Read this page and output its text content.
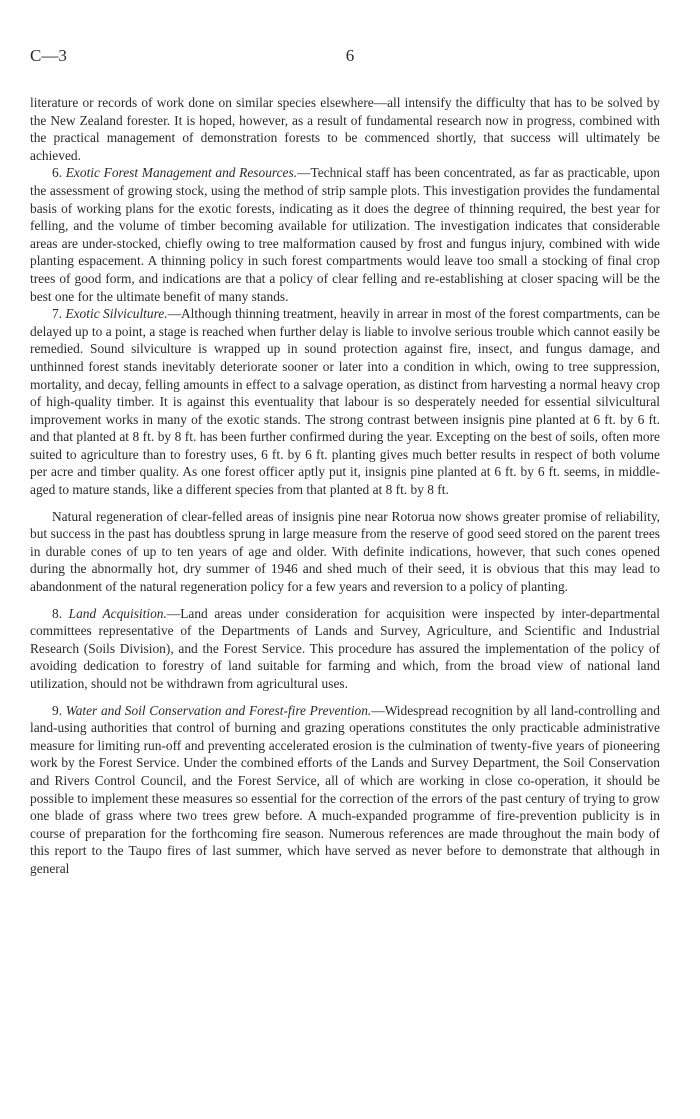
C—3	6

literature or records of work done on similar species elsewhere—all intensify the difficulty that has to be solved by the New Zealand forester. It is hoped, however, as a result of fundamental research now in progress, combined with the practical management of demonstration forests to be commenced shortly, that success will ultimately be achieved.

6. Exotic Forest Management and Resources.—Technical staff has been concentrated, as far as practicable, upon the assessment of growing stock, using the method of strip sample plots. This investigation provides the fundamental basis of working plans for the exotic forests, indicating as it does the degree of thinning required, the best year for felling, and the volume of timber becoming available for utilization. The investigation indicates that considerable areas are under-stocked, chiefly owing to tree malformation caused by frost and fungus injury, combined with wide planting espacement. A thinning policy in such forest compartments would leave too small a stocking of final crop trees of good form, and indications are that a policy of clear felling and re-establishing at closer spacing will be the best one for the ultimate benefit of many stands.

7. Exotic Silviculture.—Although thinning treatment, heavily in arrear in most of the forest compartments, can be delayed up to a point, a stage is reached when further delay is liable to involve serious trouble which cannot easily be remedied. Sound silviculture is wrapped up in sound protection against fire, insect, and fungus damage, and unthinned forest stands inevitably deteriorate sooner or later into a condition in which, owing to tree suppression, mortality, and decay, felling amounts in effect to a salvage operation, as distinct from harvesting a normal heavy crop of high-quality timber. It is against this eventuality that labour is so desperately needed for essential silvicultural improvement works in many of the exotic stands. The strong contrast between insignis pine planted at 6 ft. by 6 ft. and that planted at 8 ft. by 8 ft. has been further confirmed during the year. Excepting on the best of soils, often more suited to agriculture than to forestry uses, 6 ft. by 6 ft. planting gives much better results in respect of both volume per acre and timber quality. As one forest officer aptly put it, insignis pine planted at 6 ft. by 6 ft. seems, in middle-aged to mature stands, like a different species from that planted at 8 ft. by 8 ft.

Natural regeneration of clear-felled areas of insignis pine near Rotorua now shows greater promise of reliability, but success in the past has doubtless sprung in large measure from the reserve of good seed stored on the parent trees in durable cones of up to ten years of age and older. With definite indications, however, that such cones opened during the abnormally hot, dry summer of 1946 and shed much of their seed, it is obvious that this may lead to abandonment of the natural regeneration policy for a few years and reversion to a policy of planting.

8. Land Acquisition.—Land areas under consideration for acquisition were inspected by inter-departmental committees representative of the Departments of Lands and Survey, Agriculture, and Scientific and Industrial Research (Soils Division), and the Forest Service. This procedure has assured the implementation of the policy of avoiding dedication to forestry of land suitable for farming and which, from the broad view of national land utilization, should not be withdrawn from agricultural uses.

9. Water and Soil Conservation and Forest-fire Prevention.—Widespread recognition by all land-controlling and land-using authorities that control of burning and grazing operations constitutes the only practicable administrative measure for limiting run-off and preventing accelerated erosion is the culmination of twenty-five years of pioneering work by the Forest Service. Under the combined efforts of the Lands and Survey Department, the Soil Conservation and Rivers Control Council, and the Forest Service, all of which are working in close co-operation, it should be possible to implement these measures so essential for the correction of the errors of the past century of trying to grow one blade of grass where two trees grew before. A much-expanded programme of fire-prevention publicity is in course of preparation for the forthcoming fire season. Numerous references are made throughout the main body of this report to the Taupo fires of last summer, which have served as never before to demonstrate that although in general
